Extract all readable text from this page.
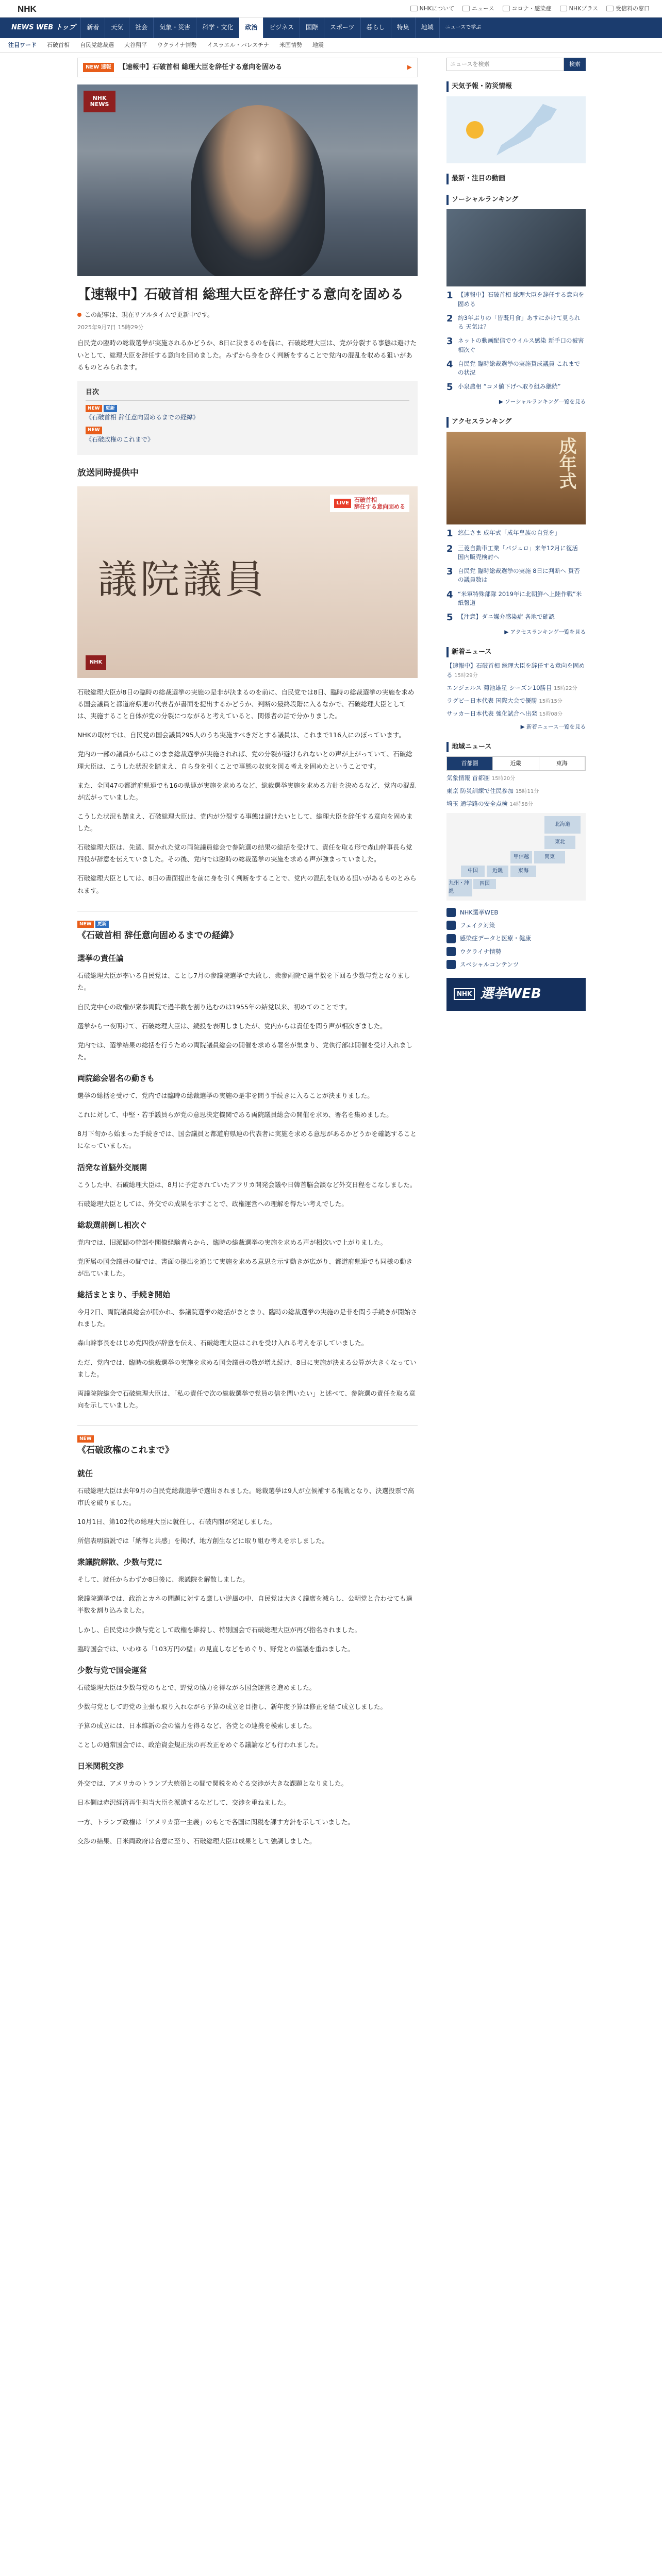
NHK	NHKについて	ニュース	コロナ・感染症	NHKプラス	受信料の窓口
NEWS WEB トップ	新着	天気	社会	気象・災害	科学・文化	政治	ビジネス	国際	スポーツ	暮らし	特集	地域	ニュースで学ぶ
注目ワード 石破首相 自民党総裁選 大谷翔平 ウクライナ情勢 イスラエル・パレスチナ 米国情勢 地震
NEW 速報	【速報中】石破首相 総理大臣を辞任する意向を固める	▶
NHK
NEWS
【速報中】石破首相 総理大臣を辞任する意向を固める
この記事は、現在リアルタイムで更新中です。
2025年9月7日 15時29分

自民党の臨時の総裁選挙が実施されるかどうか、8日に決まるのを前に、石破総理大臣は、党が分裂する事態は避けたいとして、総理大臣を辞任する意向を固めました。みずから身をひく判断をすることで党内の混乱を収める狙いがあるものとみられます。

目次
NEW	更新
《石破首相 辞任意向固めるまでの経緯》
NEW
《石破政権のこれまで》
放送同時提供中
議院議員
LIVE 石破首相
辞任する意向固める
NHK

石破総理大臣が8日の臨時の総裁選挙の実施の是非が決まるのを前に、自民党では8日、臨時の総裁選挙の実施を求める国会議員と都道府県連の代表者が書面を提出するかどうか、判断の最終段階に入るなかで、石破総理大臣としては、実施すること自体が党の分裂につながると考えていると、関係者の話で分かりました。

NHKの取材では、自民党の国会議員295人のうち実施すべきだとする議員は、これまで116人にのぼっています。

党内の一部の議員からはこのまま総裁選挙が実施されれば、党の分裂が避けられないとの声が上がっていて、石破総理大臣は、こうした状況を踏まえ、自ら身を引くことで事態の収束を図る考えを固めたということです。

また、全国47の都道府県連でも16の県連が実施を求めるなど、総裁選挙実施を求める方針を決めるなど、党内の混乱が広がっていました。

こうした状況も踏まえ、石破総理大臣は、党内が分裂する事態は避けたいとして、総理大臣を辞任する意向を固めました。

石破総理大臣は、先週、開かれた党の両院議員総会で参院選の結果の総括を受けて、責任を取る形で森山幹事長ら党四役が辞意を伝えていました。その後、党内では臨時の総裁選挙の実施を求める声が強まっていました。

石破総理大臣としては、8日の書面提出を前に身を引く判断をすることで、党内の混乱を収める狙いがあるものとみられます。

NEW	更新
《石破首相 辞任意向固めるまでの経緯》
選挙の責任論

石破総理大臣が率いる自民党は、ことし7月の参議院選挙で大敗し、衆参両院で過半数を下回る少数与党となりました。

自民党中心の政権が衆参両院で過半数を割り込むのは1955年の結党以来、初めてのことです。

選挙から一夜明けて、石破総理大臣は、続投を表明しましたが、党内からは責任を問う声が相次ぎました。

党内では、選挙結果の総括を行うための両院議員総会の開催を求める署名が集まり、党執行部は開催を受け入れました。

両院総会署名の動きも

選挙の総括を受けて、党内では臨時の総裁選挙の実施の是非を問う手続きに入ることが決まりました。

これに対して、中堅・若手議員らが党の意思決定機関である両院議員総会の開催を求め、署名を集めました。

8月下旬から始まった手続きでは、国会議員と都道府県連の代表者に実施を求める意思があるかどうかを確認することになっていました。

活発な首脳外交展開

こうした中、石破総理大臣は、8月に予定されていたアフリカ開発会議や日韓首脳会談など外交日程をこなしました。

石破総理大臣としては、外交での成果を示すことで、政権運営への理解を得たい考えでした。

総裁選前倒し相次ぐ

党内では、旧派閥の幹部や閣僚経験者らから、臨時の総裁選挙の実施を求める声が相次いで上がりました。

党所属の国会議員の間では、書面の提出を通じて実施を求める意思を示す動きが広がり、都道府県連でも同様の動きが出ていました。

総括まとまり、手続き開始

今月2日、両院議員総会が開かれ、参議院選挙の総括がまとまり、臨時の総裁選挙の実施の是非を問う手続きが開始されました。

森山幹事長をはじめ党四役が辞意を伝え、石破総理大臣はこれを受け入れる考えを示していました。

ただ、党内では、臨時の総裁選挙の実施を求める国会議員の数が増え続け、8日に実施が決まる公算が大きくなっていました。

両議院院総会で石破総理大臣は、「私の責任で次の総裁選挙で党員の信を問いたい」と述べて、参院選の責任を取る意向を示していました。

NEW
《石破政権のこれまで》
就任

石破総理大臣は去年9月の自民党総裁選挙で選出されました。総裁選挙は9人が立候補する混戦となり、決選投票で高市氏を破りました。

10月1日、第102代の総理大臣に就任し、石破内閣が発足しました。

所信表明演説では「納得と共感」を掲げ、地方創生などに取り組む考えを示しました。

衆議院解散、少数与党に

そして、就任からわずか8日後に、衆議院を解散しました。

衆議院選挙では、政治とカネの問題に対する厳しい逆風の中、自民党は大きく議席を減らし、公明党と合わせても過半数を割り込みました。

しかし、自民党は少数与党として政権を維持し、特別国会で石破総理大臣が再び指名されました。

臨時国会では、いわゆる「103万円の壁」の見直しなどをめぐり、野党との協議を重ねました。

少数与党で国会運営

石破総理大臣は少数与党のもとで、野党の協力を得ながら国会運営を進めました。

少数与党として野党の主張も取り入れながら予算の成立を目指し、新年度予算は修正を経て成立しました。

予算の成立には、日本維新の会の協力を得るなど、各党との連携を模索しました。

ことしの通常国会では、政治資金規正法の再改正をめぐる議論なども行われました。

日米関税交渉

外交では、アメリカのトランプ大統領との間で関税をめぐる交渉が大きな課題となりました。

日本側は赤沢経済再生担当大臣を派遣するなどして、交渉を重ねました。

一方、トランプ政権は「アメリカ第一主義」のもとで各国に関税を課す方針を示していました。

交渉の結果、日米両政府は合意に至り、石破総理大臣は成果として強調しました。

ニュースを検索
検索
天気予報・防災情報
最新・注目の動画
ソーシャルランキング
1 【速報中】石破首相 総理大臣を辞任する意向を固める
2 約3年ぶりの「皆既月食」あすにかけて見られる 天気は？
3 ネットの動画配信でウイルス感染 新手口の被害相次ぐ
4 自民党 臨時総裁選挙の実施賛成議員 これまでの状況
5 小泉農相 “コメ値下げへ取り組み継続”
▶ ソーシャルランキング一覧を見る
アクセスランキング
成年式
1 悠仁さま 成年式「成年皇族の自覚を」
2 三菱自動車工業「パジェロ」来年12月に復活 国内販売検討へ
3 自民党 臨時総裁選挙の実施 8日に判断へ 賛否の議員数は
4 “米軍特殊部隊 2019年に北朝鮮へ上陸作戦”米紙報道
5 【注意】ダニ媒介感染症 各地で確認
▶ アクセスランキング一覧を見る
新着ニュース
【速報中】石破首相 総理大臣を辞任する意向を固める 15時29分
エンジェルス 菊池雄星 シーズン10勝目 15時22分
ラグビー日本代表 国際大会で優勝 15時15分
サッカー日本代表 強化試合へ出発 15時08分
▶ 新着ニュース一覧を見る
地域ニュース
首都圏	近畿	東海
気象情報 首都圏 15時20分
東京 防災訓練で住民参加 15時11分
埼玉 通学路の安全点検 14時58分
北海道
東北
関東
甲信越
東海
近畿
中国
四国
九州・沖縄
NHK選挙WEB
フェイク対策
感染症データと医療・健康
ウクライナ情勢
スペシャルコンテンツ
NHK 選挙WEB
